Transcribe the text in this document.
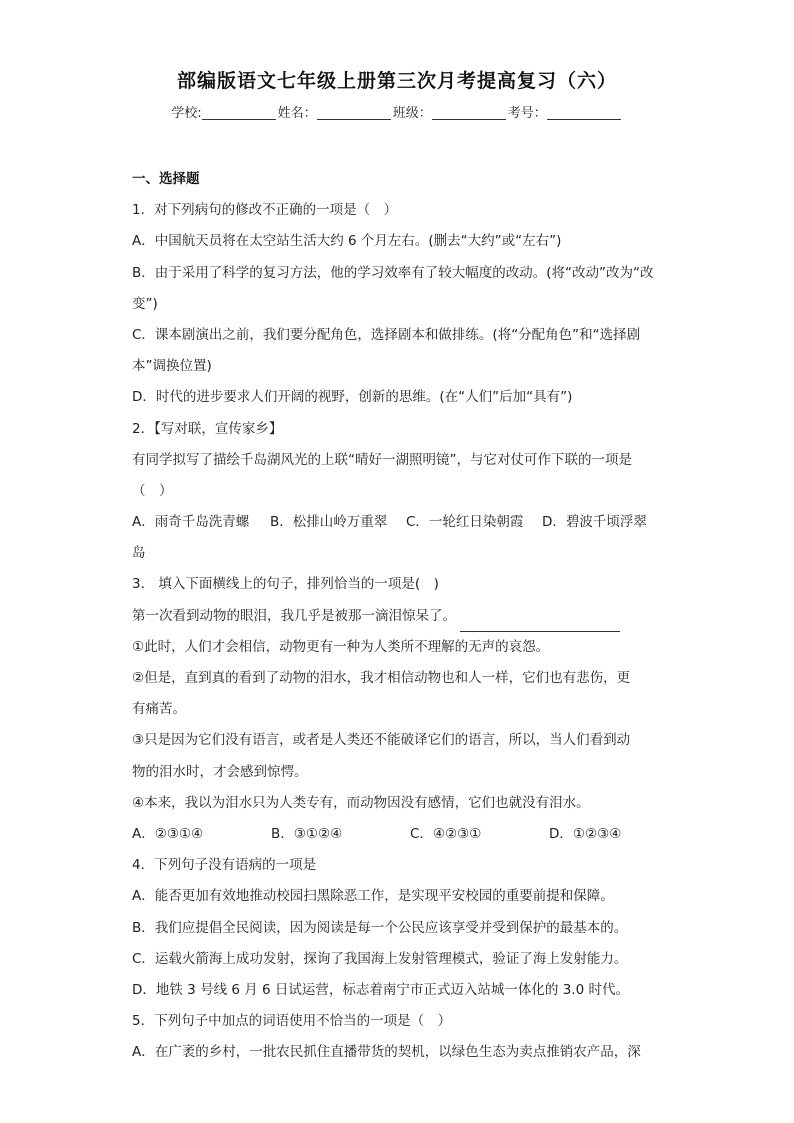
部编版语文七年级上册第三次月考提高复习（六）
学校:	姓名：	班级：	考号：
一、选择题
1．对下列病句的修改不正确的一项是（　）
A．中国航天员将在太空站生活大约 6 个月左右。(删去“大约”或“左右”)
B．由于采用了科学的复习方法，他的学习效率有了较大幅度的改动。(将“改动”改为“改
变”)
C．课本剧演出之前，我们要分配角色，选择剧本和做排练。(将“分配角色”和“选择剧
本”调换位置)
D．时代的进步要求人们开阔的视野，创新的思维。(在“人们”后加“具有”)
2．【写对联，宣传家乡】
有同学拟写了描绘千岛湖风光的上联“晴好一湖照明镜”，与它对仗可作下联的一项是
（　）
A．雨奇千岛洗青螺	B．松排山岭万重翠	C．一轮红日染朝霞	D．碧波千顷浮翠
岛
3． 填入下面横线上的句子，排列恰当的一项是(　)
第一次看到动物的眼泪，我几乎是被那一滴泪惊呆了。
①此时，人们才会相信，动物更有一种为人类所不理解的无声的哀怨。
②但是，直到真的看到了动物的泪水，我才相信动物也和人一样，它们也有悲伤，更
有痛苦。
③只是因为它们没有语言，或者是人类还不能破译它们的语言，所以，当人们看到动
物的泪水时，才会感到惊愕。
④本来，我以为泪水只为人类专有，而动物因没有感情，它们也就没有泪水。
A．②③①④	B．③①②④	C．④②③①	D．①②③④
4．下列句子没有语病的一项是
A．能否更加有效地推动校园扫黑除恶工作，是实现平安校园的重要前提和保障。
B．我们应提倡全民阅读，因为阅读是每一个公民应该享受并受到保护的最基本的。
C．运载火箭海上成功发射，探询了我国海上发射管理模式，验证了海上发射能力。
D．地铁 3 号线 6 月 6 日试运营，标志着南宁市正式迈入站城一体化的 3.0 时代。
5．下列句子中加点的词语使用不恰当的一项是（　）
A．在广袤的乡村，一批农民抓住直播带货的契机，以绿色生态为卖点推销农产品，深
